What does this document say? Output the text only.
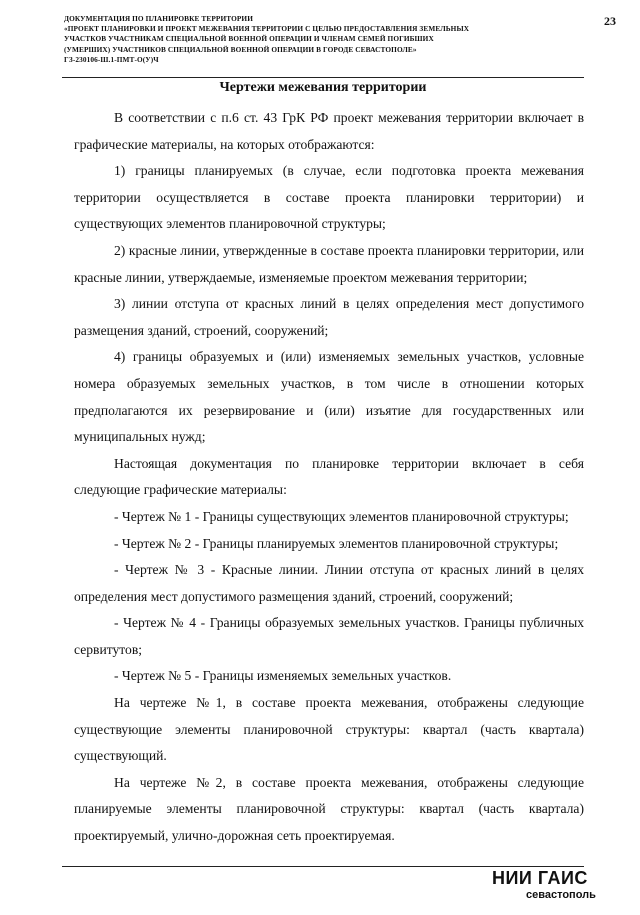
ДОКУМЕНТАЦИЯ ПО ПЛАНИРОВКЕ ТЕРРИТОРИИ
«ПРОЕКТ ПЛАНИРОВКИ И ПРОЕКТ МЕЖЕВАНИЯ ТЕРРИТОРИИ С ЦЕЛЬЮ ПРЕДОСТАВЛЕНИЯ ЗЕМЕЛЬНЫХ
УЧАСТКОВ УЧАСТНИКАМ СПЕЦИАЛЬНОЙ ВОЕННОЙ ОПЕРАЦИИ И ЧЛЕНАМ СЕМЕЙ ПОГИБШИХ
(УМЕРШИХ) УЧАСТНИКОВ СПЕЦИАЛЬНОЙ ВОЕННОЙ ОПЕРАЦИИ В ГОРОДЕ СЕВАСТОПОЛЕ»
ГЗ-230106-Ш.1-ПМТ-О(У)Ч
23
Чертежи межевания территории

В соответствии с п.6 ст. 43 ГрК РФ проект межевания территории включает в графические материалы, на которых отображаются:

1) границы планируемых (в случае, если подготовка проекта межевания территории осуществляется в составе проекта планировки территории) и существующих элементов планировочной структуры;

2) красные линии, утвержденные в составе проекта планировки территории, или красные линии, утверждаемые, изменяемые проектом межевания территории;

3) линии отступа от красных линий в целях определения мест допустимого размещения зданий, строений, сооружений;

4) границы образуемых и (или) изменяемых земельных участков, условные номера образуемых земельных участков, в том числе в отношении которых предполагаются их резервирование и (или) изъятие для государственных или муниципальных нужд;

Настоящая документация по планировке территории включает в себя следующие графические материалы:

- Чертеж № 1 - Границы существующих элементов планировочной структуры;

- Чертеж № 2 - Границы планируемых элементов планировочной структуры;

- Чертеж № 3 - Красные линии. Линии отступа от красных линий в целях определения мест допустимого размещения зданий, строений, сооружений;

- Чертеж № 4 - Границы образуемых земельных участков. Границы публичных сервитутов;

- Чертеж № 5 - Границы изменяемых земельных участков.

На чертеже №1, в составе проекта межевания, отображены следующие существующие элементы планировочной структуры: квартал (часть квартала) существующий.

На чертеже №2, в составе проекта межевания, отображены следующие планируемые элементы планировочной структуры: квартал (часть квартала) проектируемый, улично-дорожная сеть проектируемая.

НИИ ГАИС
севастополь
